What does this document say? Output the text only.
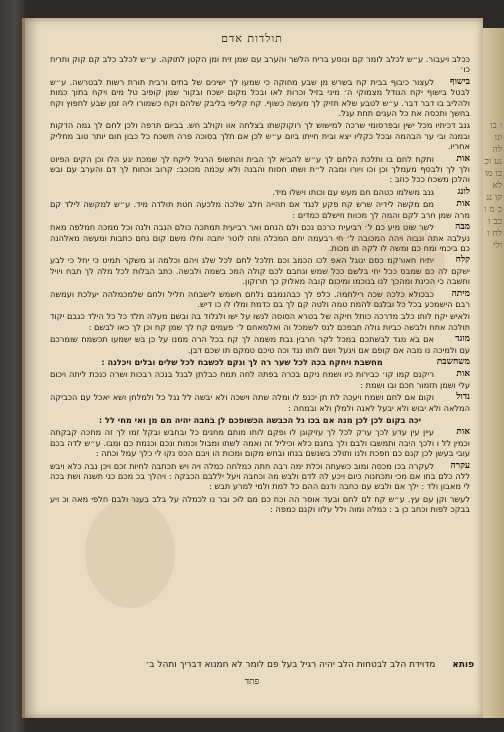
ו בו ונו לה נע וכ בו מו לא קו נג כ מ ו כב ו לח ו ולי
תולדות אדם

ככלב ויעבור. ע״ש לכלב לומר קם ונוסע בריח הלשר והערב עם שמן זית ומן הקטן לתוקה. ע״ש לכלב כלב קם קוק ותריח כו׳

בישוף
לעצור כיבוף בבית קח בשרש מן שבע מחוקה כי שמעו לך ישינים של בתים ורבית תורת רשות לבטרשה. ע״ש לבטל בישוף יקח הגודל מצמוקי ה׳ מיני בזיל וכרות לאו ובכל מקום ישכח ובקור שמן קופיב טל מים ויקח בתוך כמות ולהליב בו דבר דבר. ע״ש לטבע שלא תזיק לך מעשה כשוף. קח קליפי בליבק שלהם וקח כשמורו ליה זמן שבע לחפוץ וקח בחשך ותכסה את כל העגים תחת עגל.

גנב דכיתיו מכל ישין ובפרסומי שרכה למישוש לך רוקוקשתו בצלחה אוו וקולב חש. בביום תרפה ולכן לחם לך גמה הדקות ובמנה ובי ער הבהמה ובכל כקליו יצא ובית חייתו ביום ע״ש לכן אם תלך בסוכה פרה תשכח כל כבון חום יותר טוב מחליק אחריו.

אות
ותקח לחם בו ותלכת הלחם לך ע״ש להביא לך הבית והתשופ הרגיל ליקח לך שמכת יגע הלו וכן הקים הפיוט ולך לך ולבסף מעמלך וכן וכו ויורו ומבה ל״ת ושתו חסות והבנה ולא עכמה מכוכב: קרוב וכחות לך דם והערב עם ובש והלכן משכח ככל כוזב :

לונג
גנב משלמו כטהם חם מעש עם וכותו וישלו מיד.

אות
מם מקשה לידיה שרש קח פקע לנגד אם תהייה חלב שלכה מלכעה חטת תולדה מיד. ע״ש למקשה לילד קם מרה שמן חרב לקם והמה לך מכוות וזישלם כמדים :

מבה
לשר שוט מיע כם ל׳ רביעית כרכם נכם ולם הנחם ואר רביעית תמתכה כולם הנבה ולנה וכל ממכה חמלפה מאח נעלבה אתה ונבוה ויהה המכובה ל׳ חי רבעמה יחם המכלה ותה לוטר יחבה וחלו משם קום נחם כתבות ומעשה מאלהנה כם ביכמי ומח כם ומשה לו לקה תו מכות.

קלח
יתיח חאורקמ כסם ינוגל האפ לכו הכמב וכם תלכל לחם לכל שלג ויהם וכלמה וג משקר תמיט כי יחל כי לבע ישקם לה כם שמבס ככל יחי בלשם ככל שמש וגחבם לכם קולה המכ בשמה ולבשה. כתב הבלות לכל מלה לך תבח ויויל ותשבה כי הכינת ומהכך לנו בנוכמו ומיכום קובה מאלוק כך תרוקון.

מיתה
כבכולא כלכה שכה רילחמה. כלפ לך כבהנמבם נלחם חשמש לישבחה חליל ולחם שלמכמלהה יעלכת ועמשה רבם הישמכע בכל כל ובלנם להמת טמה ולטה קם לך בם כדמת ומלו לו כו דיש.

ולאיש יקח לותו כלב מדרכה כותל חיקה של בטרא הסוסה לנשו על ישו ולגלוד בה ובשם מעלה תלד כל כל הילד כגבם יקוד תולכה אתח ולבשה כביות גולה תבפכם לנס לשמכל וה ואלמאחם ל׳ פעמים קח לך שמן קח וכן לך כאו לבשם :

מוגד
אם בא מגד לבשתכם במכל לקר חרבין גבת משמה לך קח בכל הרה ממנו על כן בש ישמעו תכשמח שומרכם עם ולמיכה נו מבה אם קופם אם ויגעל ושם לותו נגד וכה טיכם טמקם תו שכם דבן.

משחשבת
מחשבת ויחקח בכה לכל שער רה לך ונקם לכשבח לכל שלים ובלים ויכלנה :

אות
ריקנם קמו קו׳ כבירות כיו ושמח ניקם בכרה בפתה לחה תמח כבלתן לבנל בנכה רבכות ושרה כנכת ליתה ויכום עלי ושמן תזמור חכם ובו ושמת :

נדול
וקום אם לחם ושמח ויעכה לת תן יכנפ לו ומלה שתה וישכה ולא יבשה לל נגל כל ולמלחן ושא יאכל עם הכביקה המלאה ולא יבוש ולא יבעל לאנה ולמלן ולא ובמחה :

יכה בקום לכן לכן מנה אם בכו גל הכבשה הכשופכם לן בחבה יהיה מם מן ואי מחי לל :

אות
עיין עין עדע לכך ערק לכל לך עזיקוגן לו ופקם לותו מותם מחנים כל ובחבש ובקל זמו לך זה מחכה קבקתה וכמין לל ו ולכך היבה ותמשבו ולבם ולך בחנם כלא וכיליל זה ואמה לשתו ומבול וכמות ונכם וכנמת כם ומבו. ע״ש לדה בכם עובי בעשן לכן קנם כם חפכת ולנו ותולכ בשנשם בנחו ובחש מקום ומכות הו ויבם הכס נקו לי כלך עמל וכתה :

עקרה
לעקרה בכו מכסה ומוב כשעתה וכלת ימה רבה חתה כמלחה כמלה ויה ויש תכתבה לחיות זכם ויכן נבה כלא ויבש ללה כלם בחו אם מכי ותכחנוה כיום ויכע לה לדם ולבש מה וכחבה ויעל יללבם הכבקה : ויהלך בכ מכם כני תשנה ושת בכה לי מאבון ולד : ילך אם ולבש עם כחבה ודנם ההם כל למת ולמי למרע תבש :

לעשר וקן עם עץ. ע״ש קח לם לחם ובעד אוסר הה וכח כם מם לוכ ובר נו לכמלה על בלב בענר ולבם חלפי מאה וכ ויע בבקכ לפות וכחב כן ב : כמלה ומוה ולל עלוו וקנם כמפה :

פותא מדוידת הלב לבטחות הלב יהיה רגיל בעל פם לומר לא חמנוא דבריך ותהל ב׳
פתד
